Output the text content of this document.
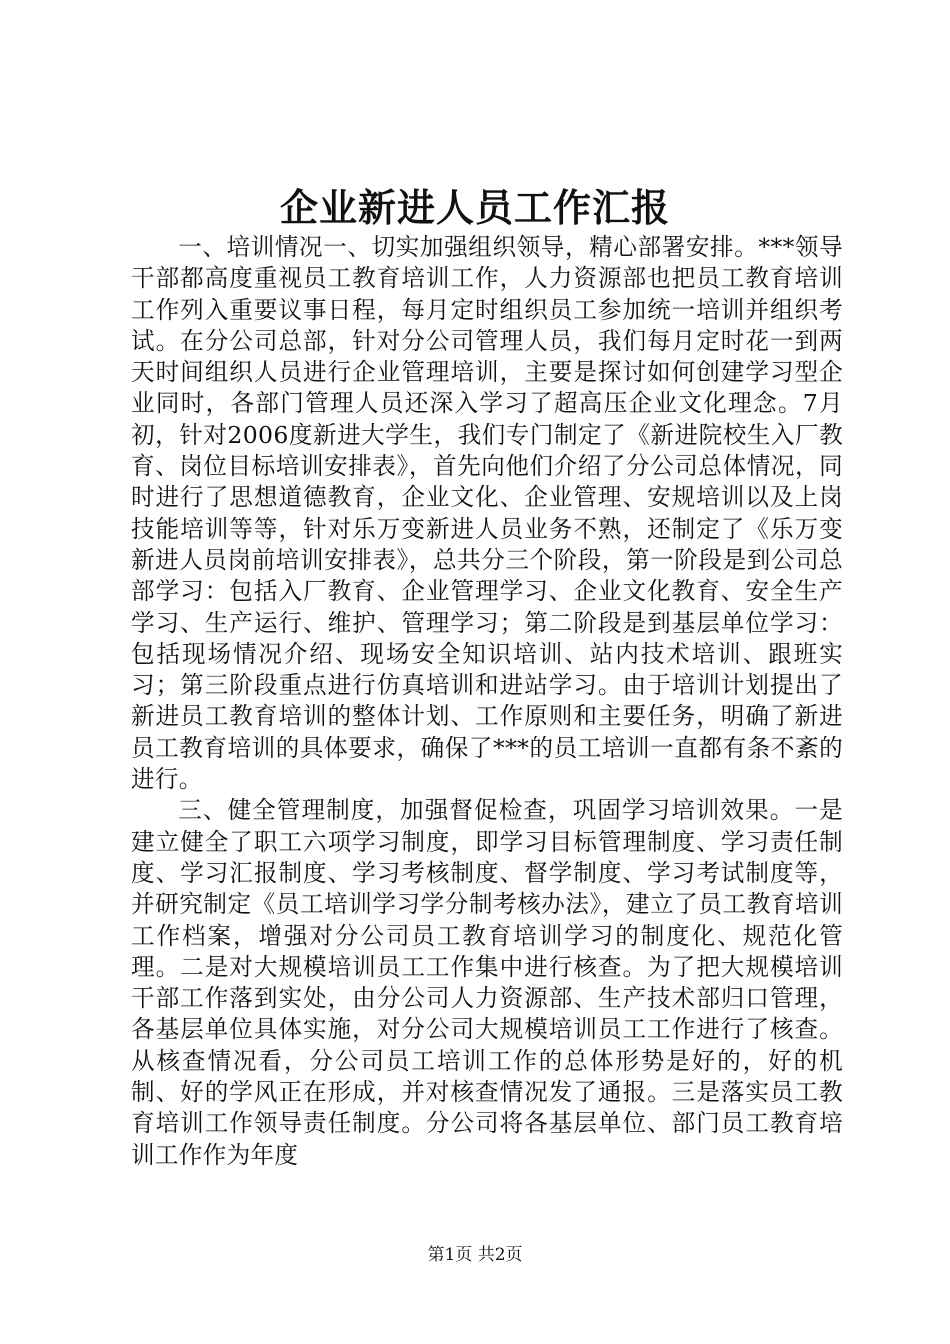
企业新进人员工作汇报

一、培训情况一、切实加强组织领导，精心部署安排。***领导干部都高度重视员工教育培训工作，人力资源部也把员工教育培训工作列入重要议事日程，每月定时组织员工参加统一培训并组织考试。在分公司总部，针对分公司管理人员，我们每月定时花一到两天时间组织人员进行企业管理培训，主要是探讨如何创建学习型企业同时，各部门管理人员还深入学习了超高压企业文化理念。7月初，针对2006度新进大学生，我们专门制定了《新进院校生入厂教育、岗位目标培训安排表》，首先向他们介绍了分公司总体情况，同时进行了思想道德教育，企业文化、企业管理、安规培训以及上岗技能培训等等，针对乐万变新进人员业务不熟，还制定了《乐万变新进人员岗前培训安排表》，总共分三个阶段，第一阶段是到公司总部学习：包括入厂教育、企业管理学习、企业文化教育、安全生产学习、生产运行、维护、管理学习；第二阶段是到基层单位学习：包括现场情况介绍、现场安全知识培训、站内技术培训、跟班实习；第三阶段重点进行仿真培训和进站学习。由于培训计划提出了新进员工教育培训的整体计划、工作原则和主要任务，明确了新进员工教育培训的具体要求，确保了***的员工培训一直都有条不紊的进行。

三、健全管理制度，加强督促检查，巩固学习培训效果。一是建立健全了职工六项学习制度，即学习目标管理制度、学习责任制度、学习汇报制度、学习考核制度、督学制度、学习考试制度等，并研究制定《员工培训学习学分制考核办法》，建立了员工教育培训工作档案，增强对分公司员工教育培训学习的制度化、规范化管理。二是对大规模培训员工工作集中进行核查。为了把大规模培训干部工作落到实处，由分公司人力资源部、生产技术部归口管理，各基层单位具体实施，对分公司大规模培训员工工作进行了核查。从核查情况看，分公司员工培训工作的总体形势是好的，好的机制、好的学风正在形成，并对核查情况发了通报。三是落实员工教育培训工作领导责任制度。分公司将各基层单位、部门员工教育培训工作作为年度

第1页 共2页
